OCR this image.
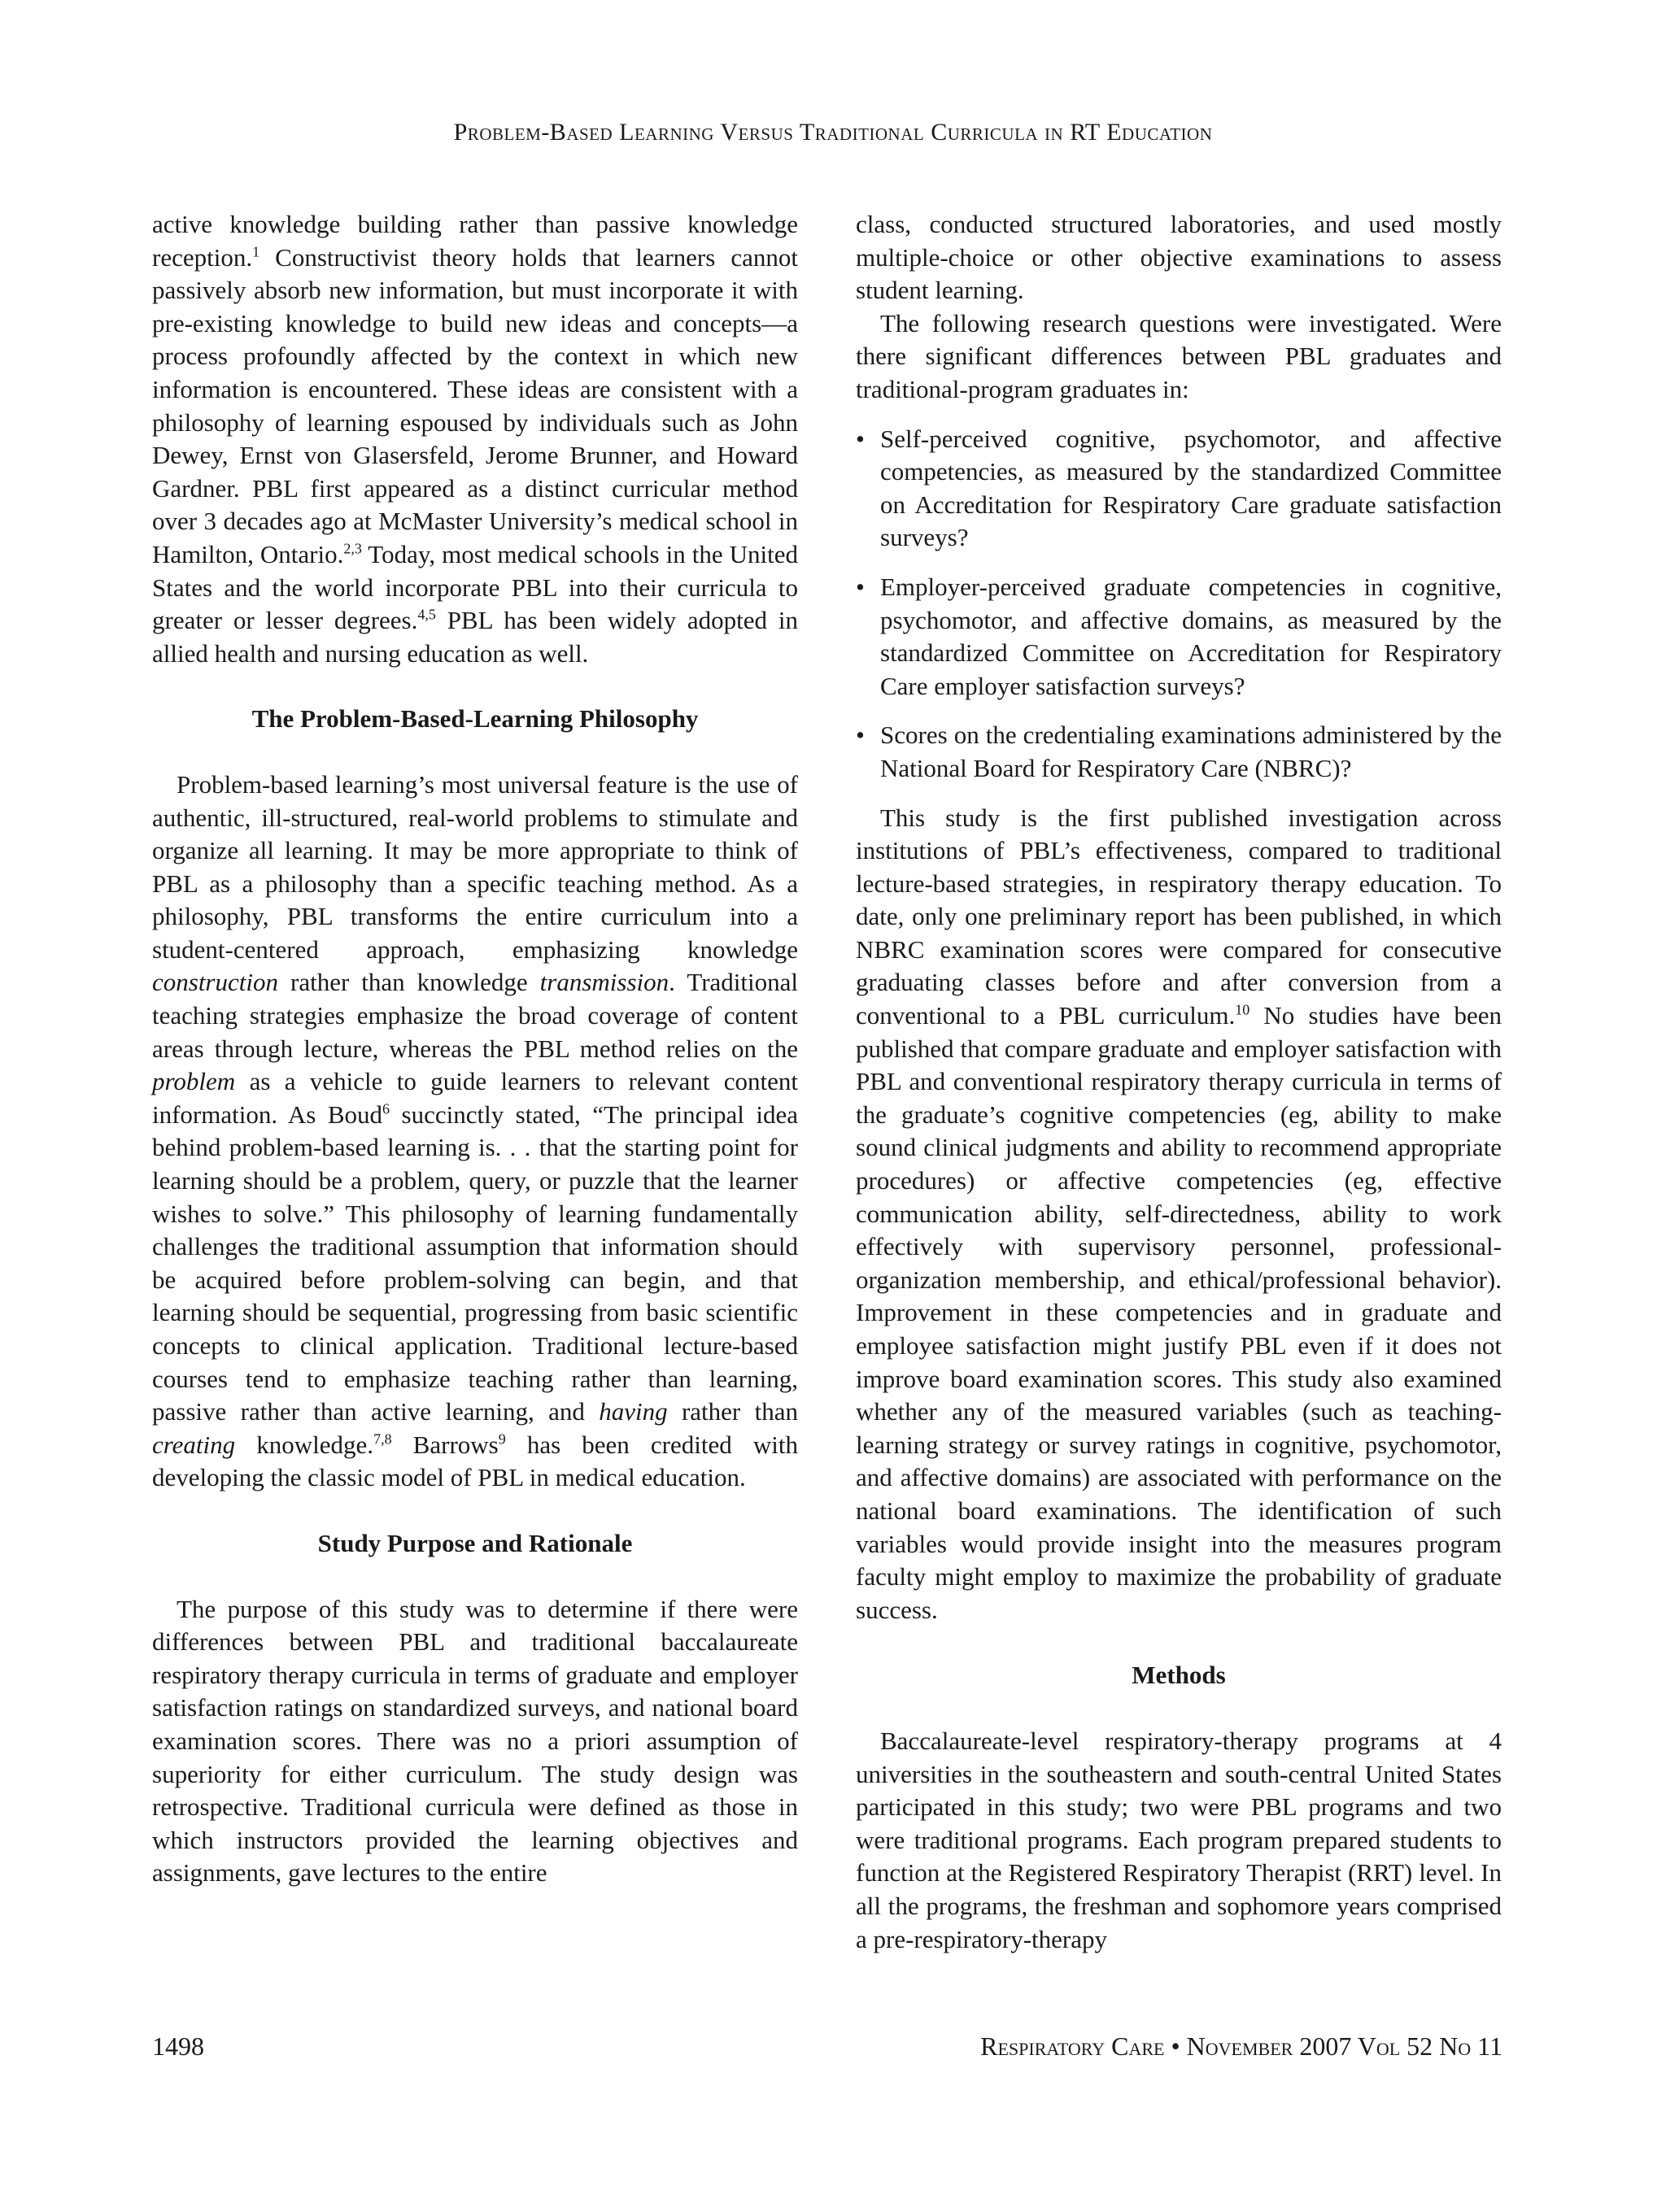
Problem-Based Learning Versus Traditional Curricula in RT Education

active knowledge building rather than passive knowledge reception.$^1$ Constructivist theory holds that learners cannot passively absorb new information, but must incorporate it with pre-existing knowledge to build new ideas and concepts—a process profoundly affected by the context in which new information is encountered. These ideas are consistent with a philosophy of learning espoused by individuals such as John Dewey, Ernst von Glasersfeld, Jerome Brunner, and Howard Gardner. PBL first appeared as a distinct curricular method over 3 decades ago at McMaster University’s medical school in Hamilton, Ontario.$^{2,3}$ Today, most medical schools in the United States and the world incorporate PBL into their curricula to greater or lesser degrees.$^{4,5}$ PBL has been widely adopted in allied health and nursing education as well.

The Problem-Based-Learning Philosophy

Problem-based learning’s most universal feature is the use of authentic, ill-structured, real-world problems to stimulate and organize all learning. It may be more appropriate to think of PBL as a philosophy than a specific teaching method. As a philosophy, PBL transforms the entire curriculum into a student-centered approach, emphasizing knowledge construction rather than knowledge transmission. Traditional teaching strategies emphasize the broad coverage of content areas through lecture, whereas the PBL method relies on the problem as a vehicle to guide learners to relevant content information. As Boud$^6$ succinctly stated, “The principal idea behind problem-based learning is. . . that the starting point for learning should be a problem, query, or puzzle that the learner wishes to solve.” This philosophy of learning fundamentally challenges the traditional assumption that information should be acquired before problem-solving can begin, and that learning should be sequential, progressing from basic scientific concepts to clinical application. Traditional lecture-based courses tend to emphasize teaching rather than learning, passive rather than active learning, and having rather than creating knowledge.$^{7,8}$ Barrows$^9$ has been credited with developing the classic model of PBL in medical education.

Study Purpose and Rationale

The purpose of this study was to determine if there were differences between PBL and traditional baccalaureate respiratory therapy curricula in terms of graduate and employer satisfaction ratings on standardized surveys, and national board examination scores. There was no a priori assumption of superiority for either curriculum. The study design was retrospective. Traditional curricula were defined as those in which instructors provided the learning objectives and assignments, gave lectures to the entire

class, conducted structured laboratories, and used mostly multiple-choice or other objective examinations to assess student learning.

The following research questions were investigated. Were there significant differences between PBL graduates and traditional-program graduates in:

• Self-perceived cognitive, psychomotor, and affective competencies, as measured by the standardized Committee on Accreditation for Respiratory Care graduate satisfaction surveys?
• Employer-perceived graduate competencies in cognitive, psychomotor, and affective domains, as measured by the standardized Committee on Accreditation for Respiratory Care employer satisfaction surveys?
• Scores on the credentialing examinations administered by the National Board for Respiratory Care (NBRC)?

This study is the first published investigation across institutions of PBL’s effectiveness, compared to traditional lecture-based strategies, in respiratory therapy education. To date, only one preliminary report has been published, in which NBRC examination scores were compared for consecutive graduating classes before and after conversion from a conventional to a PBL curriculum.$^{10}$ No studies have been published that compare graduate and employer satisfaction with PBL and conventional respiratory therapy curricula in terms of the graduate’s cognitive competencies (eg, ability to make sound clinical judgments and ability to recommend appropriate procedures) or affective competencies (eg, effective communication ability, self-directedness, ability to work effectively with supervisory personnel, professional-organization membership, and ethical/professional behavior). Improvement in these competencies and in graduate and employee satisfaction might justify PBL even if it does not improve board examination scores. This study also examined whether any of the measured variables (such as teaching-learning strategy or survey ratings in cognitive, psychomotor, and affective domains) are associated with performance on the national board examinations. The identification of such variables would provide insight into the measures program faculty might employ to maximize the probability of graduate success.

Methods

Baccalaureate-level respiratory-therapy programs at 4 universities in the southeastern and south-central United States participated in this study; two were PBL programs and two were traditional programs. Each program prepared students to function at the Registered Respiratory Therapist (RRT) level. In all the programs, the freshman and sophomore years comprised a pre-respiratory-therapy

1498	Respiratory Care • November 2007 Vol 52 No 11
